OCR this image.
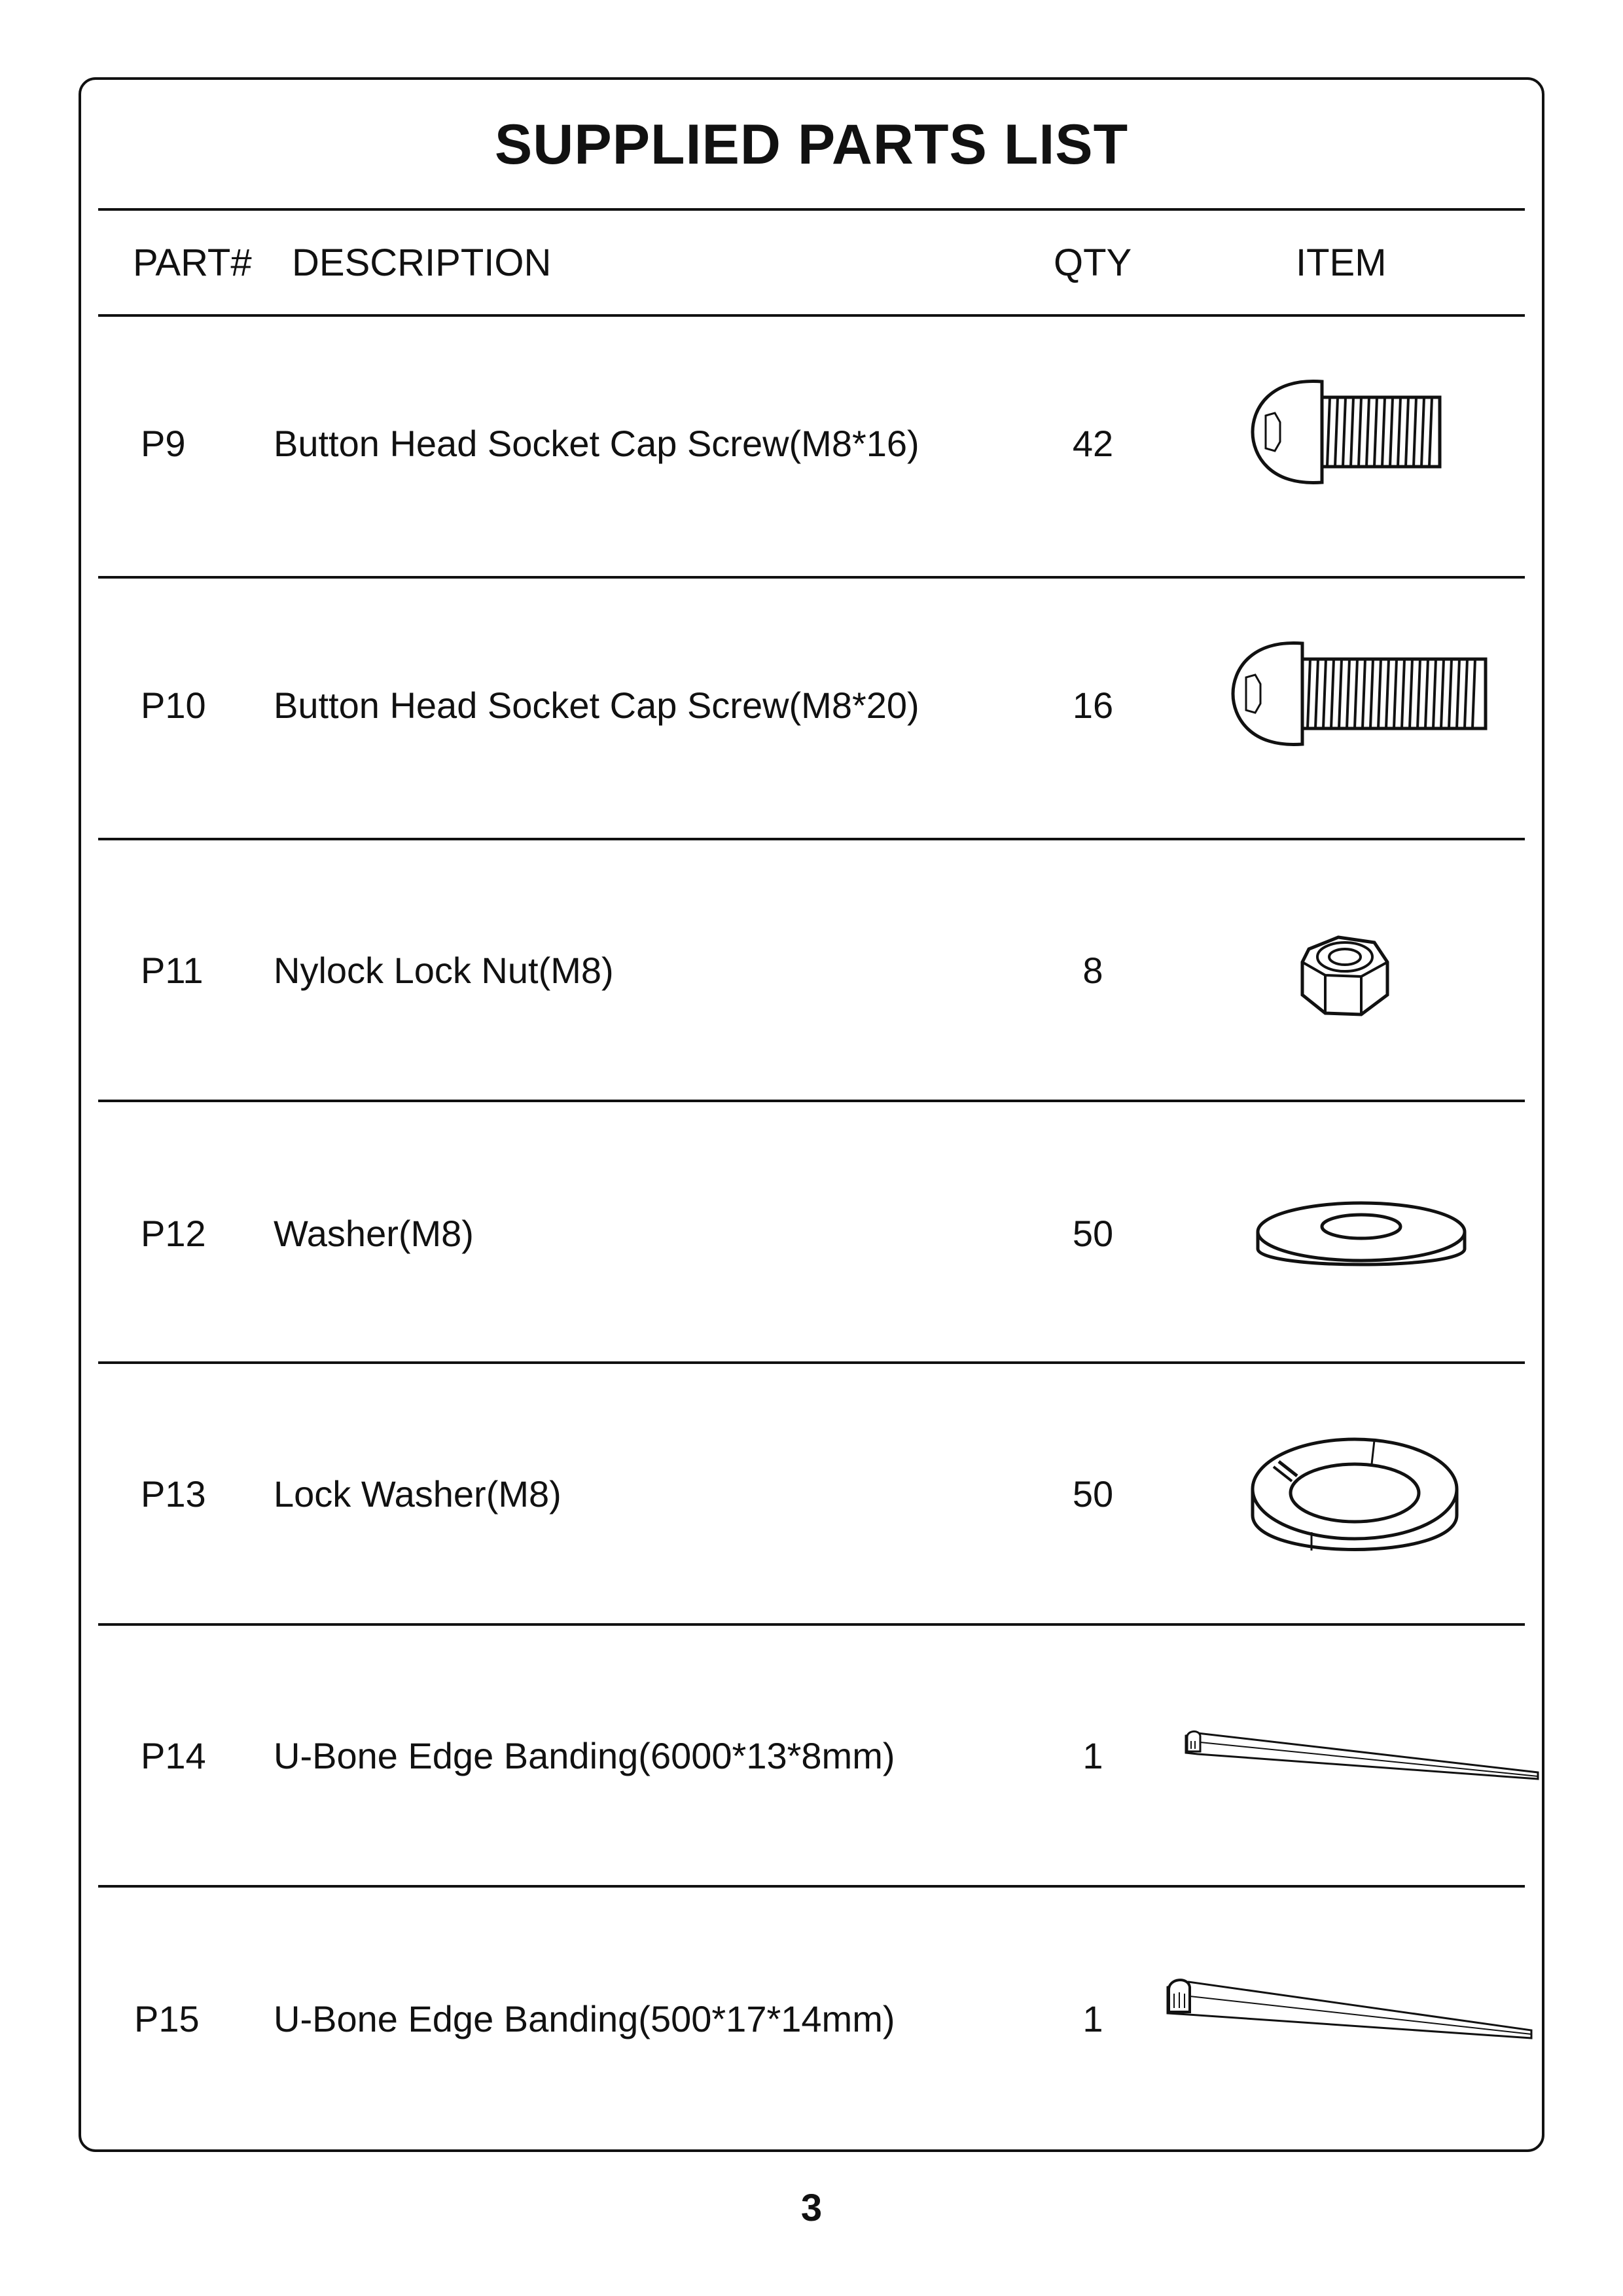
SUPPLIED PARTS LIST
PART# DESCRIPTION	QTY	ITEM
P9 Button Head Socket Cap Screw(M8*16)	42
P10 Button Head Socket Cap Screw(M8*20)	16
P11 Nylock Lock Nut(M8)	8
P12 Washer(M8)	50
P13 Lock Washer(M8)	50
P14 U-Bone Edge Banding(6000*13*8mm)	1
P15 U-Bone Edge Banding(500*17*14mm)	1
3
